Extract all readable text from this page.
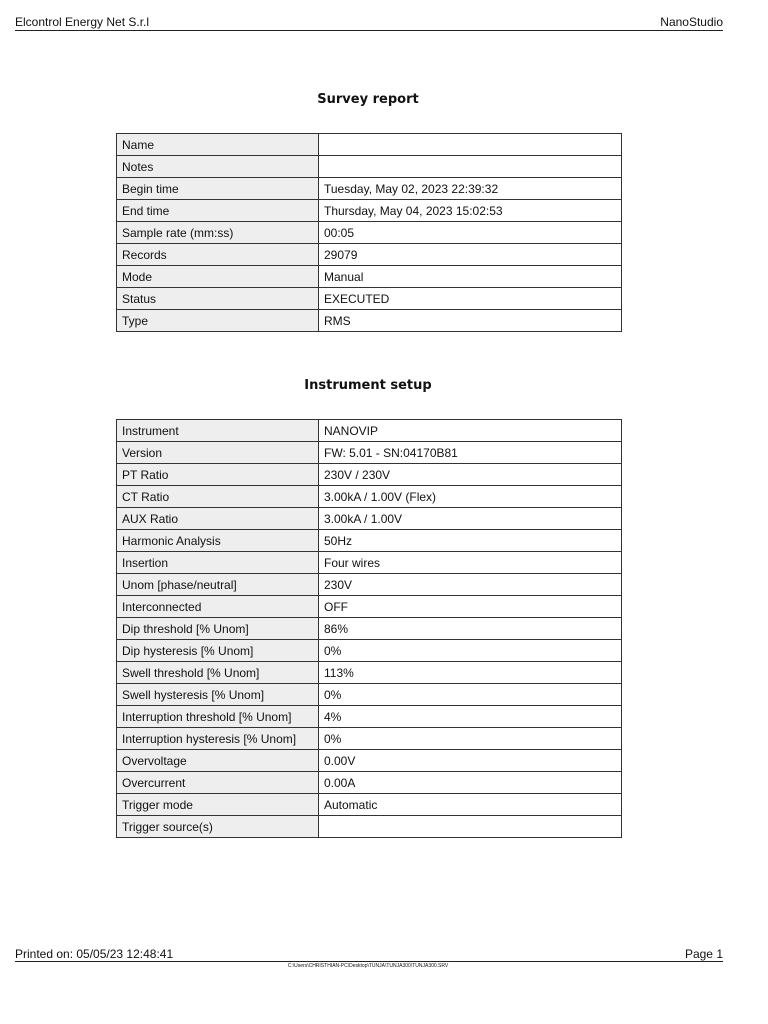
Elcontrol Energy Net S.r.l	NanoStudio
Survey report
Name	
Notes	
Begin time	Tuesday, May 02, 2023 22:39:32
End time	Thursday, May 04, 2023 15:02:53
Sample rate (mm:ss)	00:05
Records	29079
Mode	Manual
Status	EXECUTED
Type	RMS
Instrument setup
Instrument	NANOVIP
Version	FW: 5.01 - SN:04170B81
PT Ratio	230V / 230V
CT Ratio	3.00kA / 1.00V (Flex)
AUX Ratio	3.00kA / 1.00V
Harmonic Analysis	50Hz
Insertion	Four wires
Unom [phase/neutral]	230V
Interconnected	OFF
Dip threshold [% Unom]	86%
Dip hysteresis [% Unom]	0%
Swell threshold [% Unom]	113%
Swell hysteresis [% Unom]	0%
Interruption threshold [% Unom]	4%
Interruption hysteresis [% Unom]	0%
Overvoltage	0.00V
Overcurrent	0.00A
Trigger mode	Automatic
Trigger source(s)	
Printed on: 05/05/23 12:48:41	Page 1
C:\Users\CHRISTHIAN-PC\Desktop\TUNJA\TUNJA300\TUNJA300.SRV
